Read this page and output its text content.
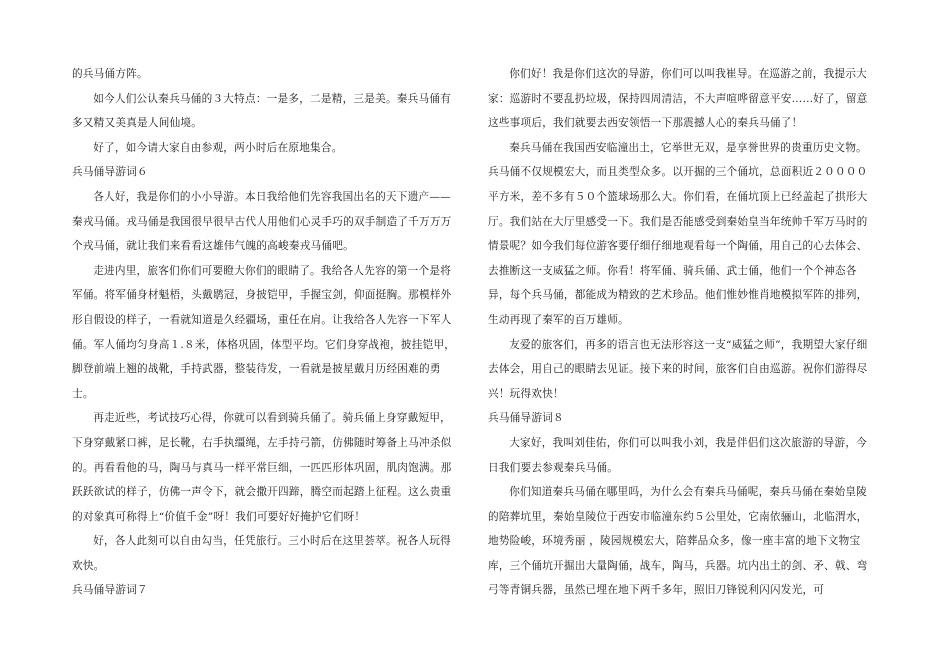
的兵马俑方阵。

如今人们公认秦兵马俑的３大特点：一是多，二是精，三是美。秦兵马俑有多又精又美真是人间仙境。

好了，如今请大家自由参观，两小时后在原地集合。

兵马俑导游词６

各人好，我是你们的小小导游。本日我给他们先容我国出名的天下遗产——秦戎马俑。戎马俑是我国很早很早古代人用他们心灵手巧的双手制造了千万万万个戎马俑，就让我们来看看这雄伟气魄的高峻秦戎马俑吧。

走进内里，旅客们你们可要瞪大你们的眼睛了。我给各人先容的第一个是将军俑。将军俑身材魁梧，头戴鹖冠，身披铠甲，手握宝剑，仰面挺胸。那模样外形自假设的样子，一看就知道是久经疆场，重任在肩。让我给各人先容一下军人俑。军人俑均匀身高１.８米，体格巩固，体型平均。它们身穿战袍，披挂铠甲，脚登前端上翘的战靴，手持武器，整装待发，一看就是披星戴月历经困难的勇士。

再走近些，考试技巧心得，你就可以看到骑兵俑了。骑兵俑上身穿戴短甲，下身穿戴紧口裤，足长靴，右手执缰绳，左手持弓箭，仿佛随时筹备上马冲杀似的。再看看他的马，陶马与真马一样平常巨细，一匹匹形体巩固，肌肉饱满。那跃跃欲试的样子，仿佛一声令下，就会撒开四蹄，腾空而起踏上征程。这么贵重的对象真可称得上“价值千金”呀！我们可要好好掩护它们呀！

好，各人此刻可以自由勾当，任凭旅行。三小时后在这里荟萃。祝各人玩得欢快。

兵马俑导游词７

你们好！我是你们这次的导游，你们可以叫我崔导。在巡游之前，我提示大家：巡游时不要乱扔垃圾，保持四周清洁，不大声喧哗留意平安……好了，留意这些事项后，我们就要去西安领悟一下那震撼人心的秦兵马俑了！

秦兵马俑在我国西安临潼出土，它举世无双，是享誉世界的贵重历史文物。兵马俑不仅规模宏大，而且类型众多。以开掘的三个俑坑，总面积近２００００平方米，差不多有５０个篮球场那么大。你们看，在俑坑顶上已经盖起了拱形大厅。我们站在大厅里感受一下。我们是否能感受到秦始皇当年统帅千军万马时的情景呢？如今我们每位游客要仔细仔细地观看每一个陶俑，用自己的心去体会、去推断这一支威猛之师。你看！将军俑、骑兵俑、武士俑，他们一个个神态各异，每个兵马俑，都能成为精致的艺术珍品。他们惟妙惟肖地模拟军阵的排列，生动再现了秦军的百万雄师。

友爱的旅客们，再多的语言也无法形容这一支“威猛之师”，我期望大家仔细去体会，用自己的眼睛去见证。接下来的时间，旅客们自由巡游。祝你们游得尽兴！玩得欢快！

兵马俑导游词８

大家好，我叫刘佳佑，你们可以叫我小刘，我是伴侣们这次旅游的导游，今日我们要去参观秦兵马俑。

你们知道秦兵马俑在哪里吗，为什么会有秦兵马俑呢，秦兵马俑在秦始皇陵的陪葬坑里，秦始皇陵位于西安市临潼东约５公里处，它南依骊山，北临渭水，地势险峻，环境秀丽 ，陵园规模宏大，陪葬品众多，像一座丰富的地下文物宝库，三个俑坑开掘出大量陶俑，战车，陶马，兵器。坑内出土的剑、矛、戟、弯弓等青铜兵器，虽然已埋在地下两千多年，照旧刀锋锐利闪闪发光，可
